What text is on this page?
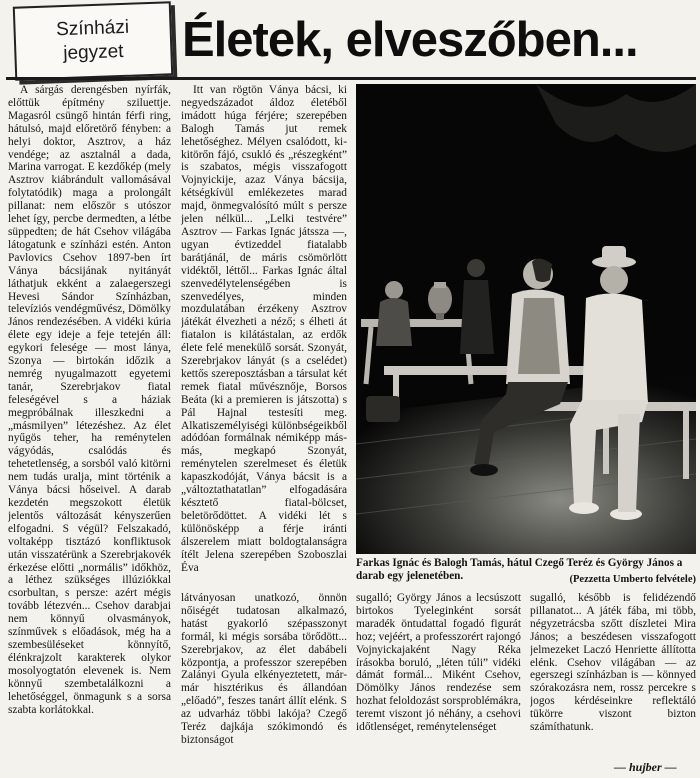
Színházi
jegyzet Életek, elveszőben...

A sárgás derengésben nyírfák, előttük építmény sziluettje. Magasról csüngő hintán férfi ring, hátulsó, majd előretörő fényben: a helyi doktor, Asztrov, a ház vendége; az asztalnál a dada, Marina varrogat. E kezdőkép (mely Asztrov kiábrándult vallomásával folytatódik) maga a prolongált pillanat: nem először s utószor lehet így, percbe dermedten, a létbe süppedten; de hát Csehov világába látogatunk e színházi estén. Anton Pavlovics Csehov 1897-ben írt Ványa bácsijának nyitányát láthatjuk ekként a zalaegerszegi Hevesi Sándor Színházban, televíziós vendégművész, Dömölky János rendezésében. A vidéki kúria élete egy ideje a feje tetején áll: egykori felesége — most lánya, Szonya — birtokán időzik a nemrég nyugalmazott egyetemi tanár, Szerebrjakov fiatal feleségével s a háziak megpróbálnak illeszkedni a „másmilyen” létezéshez. Az élet nyűgös teher, ha reménytelen vágyódás, csalódás és tehetetlenség, a sorsból való kitörni nem tudás uralja, mint történik a Ványa bácsi hőseivel. A darab kezdetén megszokott életük jelentős változását kényszerűen elfogadni. S végül? Felszakadó, voltaképp tisztázó konfliktusok után visszatérünk a Szerebrjakovék érkezése előtti „normális” időkhöz, a léthez szükséges illúziókkal csorbultan, s persze: azért mégis tovább létezvén... Csehov darabjai nem könnyű olvasmányok, színművek s előadások, még ha a szembesüléseket könnyítő, élénkrajzolt karakterek olykor mosolyogtatón elevenek is. Nem könnyű szembetalálkozni a lehetőséggel, önmagunk s a sorsa szabta korlátokkal.

Itt van rögtön Ványa bácsi, ki negyedszázadot áldoz életéből imádott húga férjére; szerepében Balogh Tamás jut remek lehetőséghez. Mélyen csalódott, ki-kitörőn fájó, csukló és „részegként” is szabatos, mégis visszafogott Vojnyickije, azaz Ványa bácsija, kétségkívül emlékezetes marad majd, önmegvalósító múlt s persze jelen nélkül... „Lelki testvére” Asztrov — Farkas Ignác játssza —, ugyan évtizeddel fiatalabb barátjánál, de máris csömörlött vidéktől, léttől... Farkas Ignác által szenvedélytelenségében is szenvedélyes, minden mozdulatában érzékeny Asztrov játékát élvezheti a néző; s élheti át fiatalon is kilátástalan, az erdők élete felé menekülő sorsát. Szonyát, Szerebrjakov lányát (s a cselédet) kettős szereposztásban a társulat két remek fiatal művésznője, Borsos Beáta (ki a premieren is játszotta) s Pál Hajnal testesíti meg. Alkatiszemélyiségi különbségeikből adódóan formálnak némiképp más-más, megkapó Szonyát, reménytelen szerelmeset és életük kapaszkodóját, Ványa bácsit is a „változtathatatlan” elfogadására késztető fiatal-bölcset, beletörődöttet. A vidéki lét s különösképp a férje iránti álszerelem miatt boldogtalanságra ítélt Jelena szerepében Szoboszlai Éva

látványosan unatkozó, önnön nőiségét tudatosan alkalmazó, hatást gyakorló szépasszonyt formál, ki mégis sorsába törődött... Szerebrjakov, az élet dabábeli központja, a professzor szerepében Zalányi Gyula elkényeztetett, már-már hisztérikus és állandóan „előadó”, feszes tanárt állít elénk. S az udvarház többi lakója? Czegő Teréz dajkája szókimondó és biztonságot

Farkas Ignác és Balogh Tamás, hátul Czegő Teréz és György János a darab egy jelenetében.	(Pezzetta Umberto felvétele)

sugalló; György János a lecsúszott birtokos Tyeleginként sorsát maradék öntudattal fogadó figurát hoz; vejéért, a professzorért rajongó Vojnyickajaként Nagy Réka írásokba boruló, „léten túli” vidéki dámát formál... Miként Csehov, Dömölky János rendezése sem hozhat feloldozást sorsproblémákra, teremt viszont jó néhány, a csehovi időtlenséget, reménytelenséget

sugalló, később is felidézendő pillanatot... A játék fába, mi több, négyzetrácsba szőtt díszletei Mira János; a beszédesen visszafogott jelmezeket Laczó Henriette állította elénk. Csehov világában — az egerszegi színházban is — könnyed szórakozásra nem, rossz percekre s jogos kérdéseinkre reflektáló tükörre viszont bizton számíthatunk.

— hujber —
